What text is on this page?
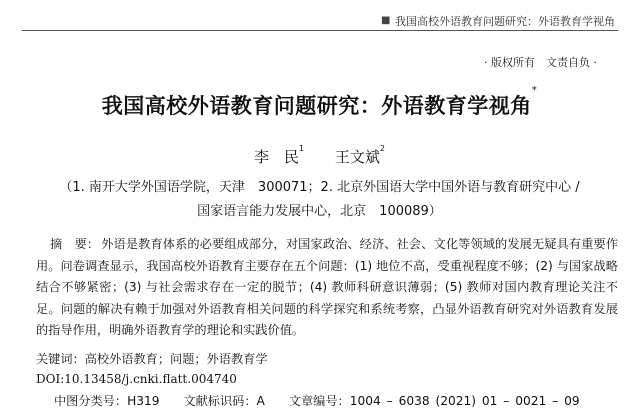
■ 我国高校外语教育问题研究：外语教育学视角
· 版权所有　文责自负 ·
我国高校外语教育问题研究：外语教育学视角*
李　民$^1$ 王文斌$^2$
（1. 南开大学外国语学院，天津　300071；2. 北京外国语大学中国外语与教育研究中心 /
国家语言能力发展中心，北京　100089）
摘　要： 外语是教育体系的必要组成部分，对国家政治、经济、社会、文化等领域的发展无疑具有重要作用。问卷调查显示，我国高校外语教育主要存在五个问题：(1) 地位不高，受重视程度不够；(2) 与国家战略结合不够紧密；(3) 与社会需求存在一定的脱节；(4) 教师科研意识薄弱；(5) 教师对国内教育理论关注不足。问题的解决有赖于加强对外语教育相关问题的科学探究和系统考察，凸显外语教育研究对外语教育发展的指导作用，明确外语教育学的理论和实践价值。
关键词：高校外语教育；问题；外语教育学
DOI:10.13458/j.cnki.flatt.004740
中图分类号：H319 文献标识码：A 文章编号：1004 – 6038 (2021) 01 – 0021 – 09
